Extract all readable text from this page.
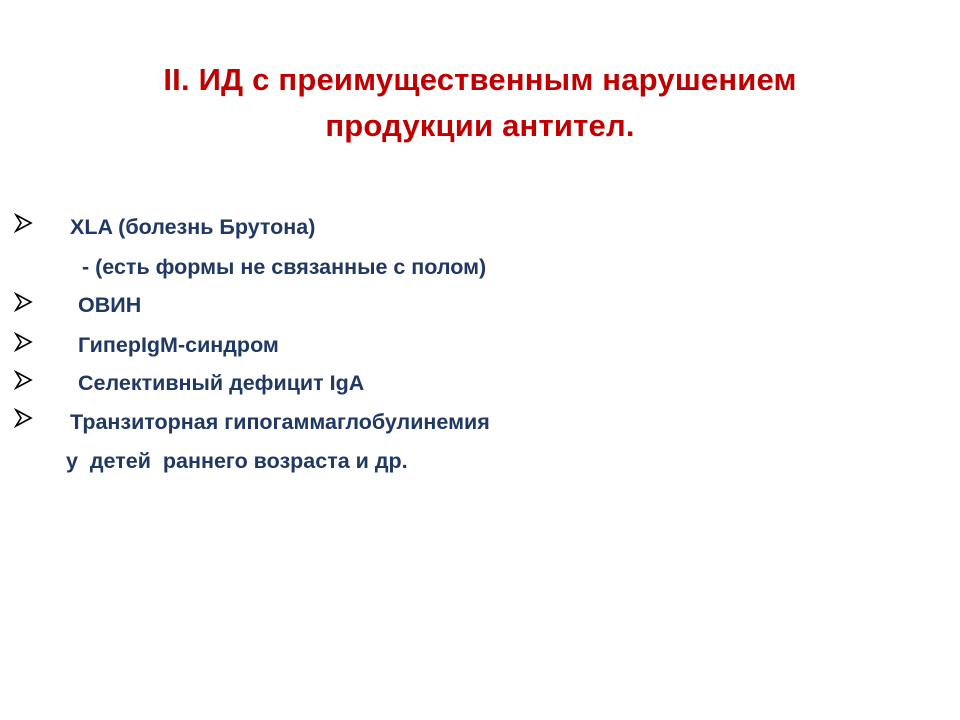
II. ИД с преимущественным нарушением
продукции антител.
XLA (болезнь Брутона)
- (есть формы не связанные с полом)
ОВИН
ГиперIgM-синдром
Селективный дефицит IgA
Транзиторная гипогаммаглобулинемия
у  детей  раннего возраста и др.
